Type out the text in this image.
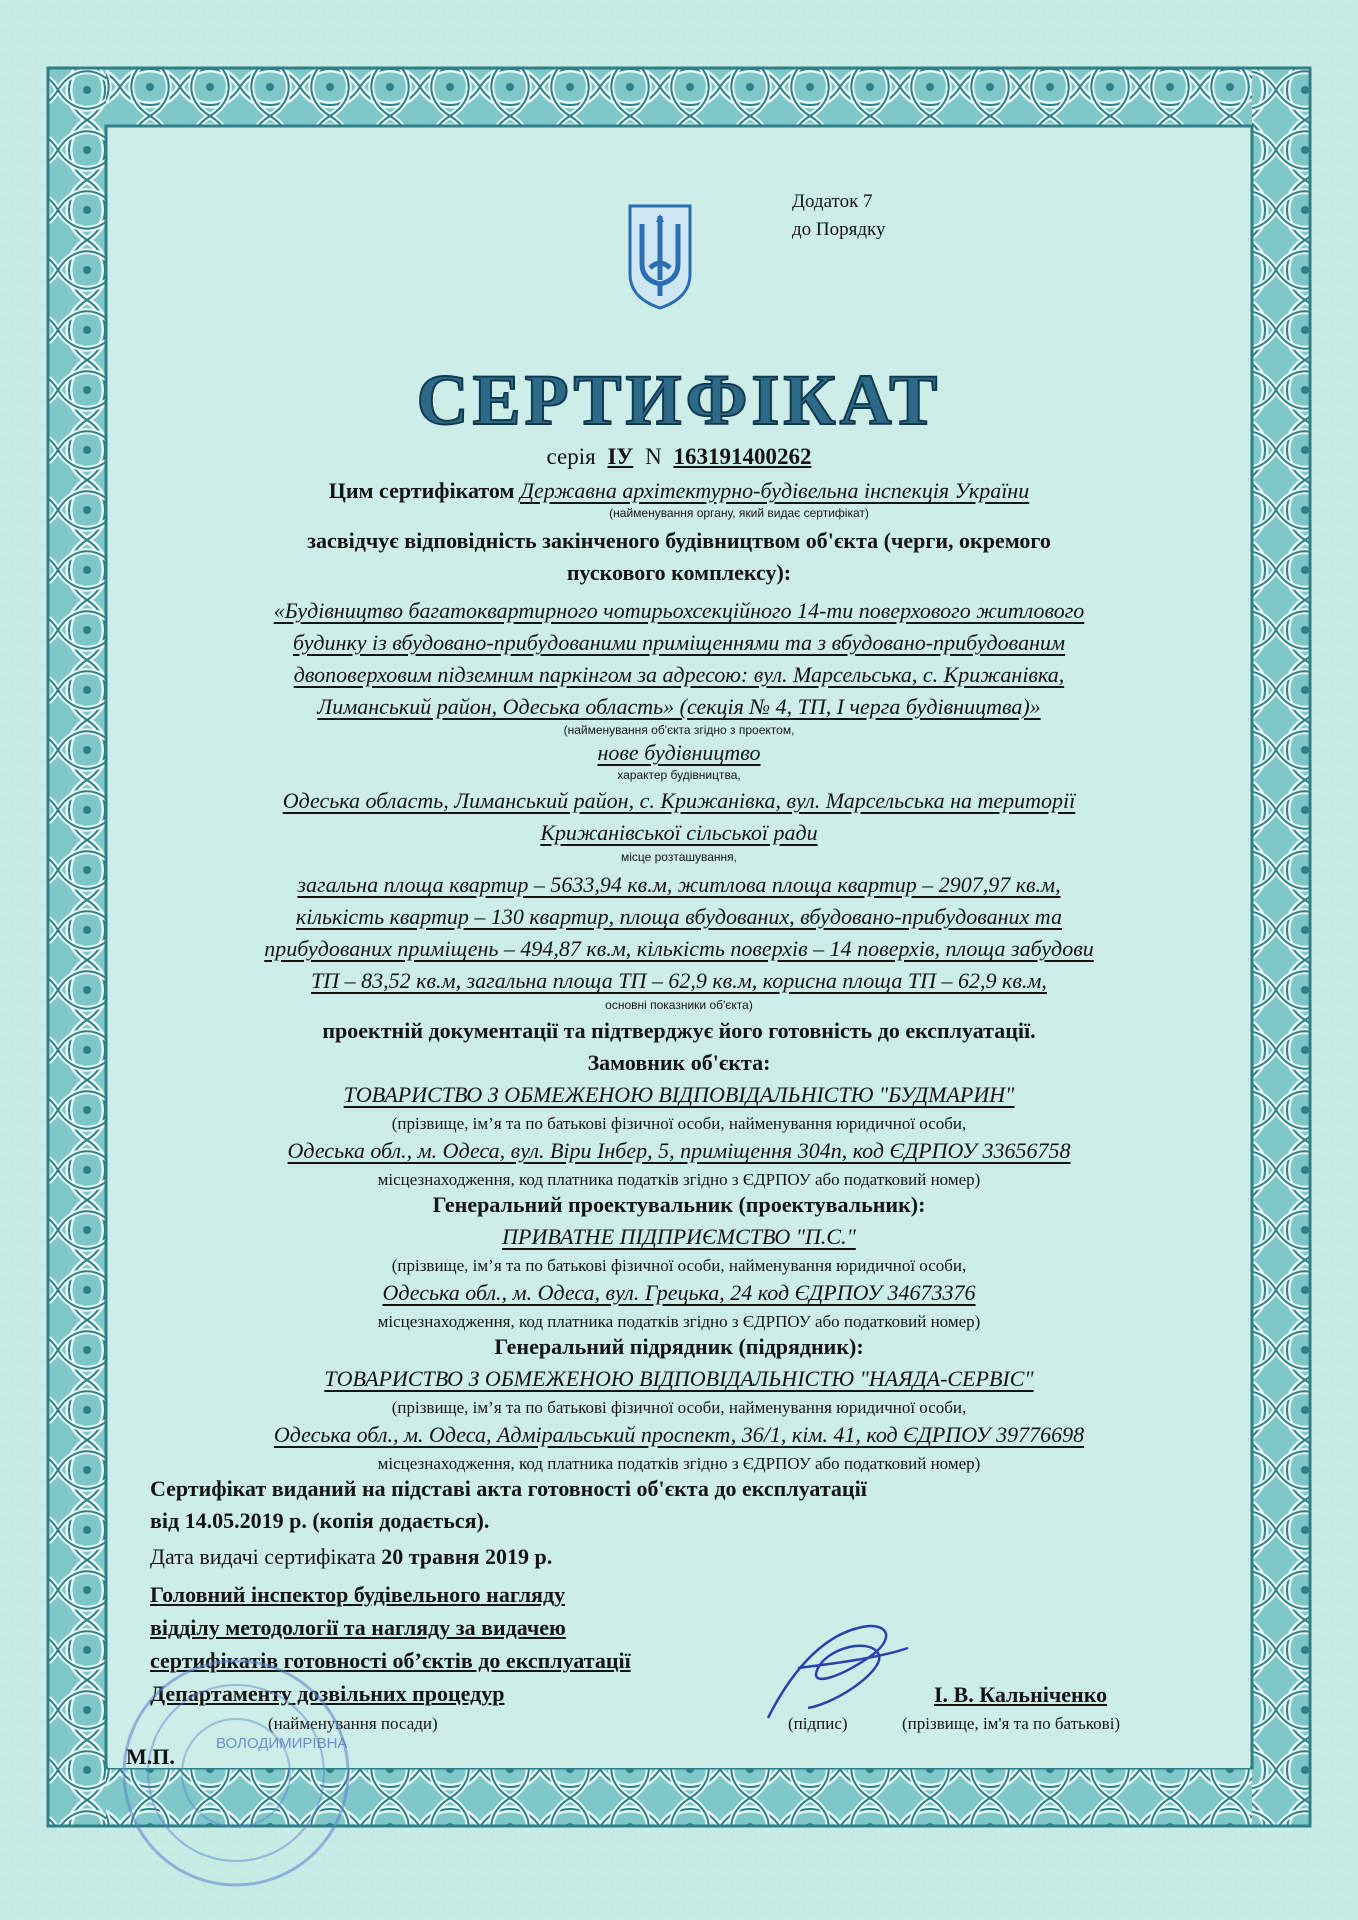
Додаток 7
до Порядку
СЕРТИФІКАТ
серія ІУ N 163191400262
Цим сертифікатом Державна архітектурно-будівельна інспекція України
(найменування органу, який видає сертифікат)
засвідчує відповідність закінченого будівництвом об'єкта (черги, окремого
пускового комплексу):
«Будівництво багатоквартирного чотирьохсекційного 14-ти поверхового житлового
будинку із вбудовано-прибудованими приміщеннями та з вбудовано-прибудованим
двоповерховим підземним паркінгом за адресою: вул. Марсельська, с. Крижанівка,
Лиманський район, Одеська область» (секція № 4, ТП, І черга будівництва)»
(найменування об'єкта згідно з проектом,
нове будівництво
характер будівництва,
Одеська область, Лиманський район, с. Крижанівка, вул. Марсельська на території
Крижанівської сільської ради
місце розташування,
загальна площа квартир – 5633,94 кв.м, житлова площа квартир – 2907,97 кв.м,
кількість квартир – 130 квартир, площа вбудованих, вбудовано-прибудованих та
прибудованих приміщень – 494,87 кв.м, кількість поверхів – 14 поверхів, площа забудови
ТП – 83,52 кв.м, загальна площа ТП – 62,9 кв.м, корисна площа ТП – 62,9 кв.м,
основні показники об'єкта)
проектній документації та підтверджує його готовність до експлуатації.
Замовник об'єкта:
ТОВАРИСТВО З ОБМЕЖЕНОЮ ВІДПОВІДАЛЬНІСТЮ "БУДМАРИН"
(прізвище, ім’я та по батькові фізичної особи, найменування юридичної особи,
Одеська обл., м. Одеса, вул. Віри Інбер, 5, приміщення 304п, код ЄДРПОУ 33656758
місцезнаходження, код платника податків згідно з ЄДРПОУ або податковий номер)
Генеральний проектувальник (проектувальник):
ПРИВАТНЕ ПІДПРИЄМСТВО "П.С."
(прізвище, ім’я та по батькові фізичної особи, найменування юридичної особи,
Одеська обл., м. Одеса, вул. Грецька, 24 код ЄДРПОУ 34673376
місцезнаходження, код платника податків згідно з ЄДРПОУ або податковий номер)
Генеральний підрядник (підрядник):
ТОВАРИСТВО З ОБМЕЖЕНОЮ ВІДПОВІДАЛЬНІСТЮ "НАЯДА-СЕРВІС"
(прізвище, ім’я та по батькові фізичної особи, найменування юридичної особи,
Одеська обл., м. Одеса, Адміральський проспект, 36/1, кім. 41, код ЄДРПОУ 39776698
місцезнаходження, код платника податків згідно з ЄДРПОУ або податковий номер)
Сертифікат виданий на підставі акта готовності об'єкта до експлуатації
від 14.05.2019 р. (копія додається).
Дата видачі сертифіката 20 травня 2019 р.
Головний інспектор будівельного нагляду
відділу методології та нагляду за видачею
сертифікатів готовності об’єктів до експлуатації
Департаменту дозвільних процедур
(найменування посади)
ВОЛОДИМИРІВНА
М.П.
(підпис)
І. В. Кальніченко
(прізвище, ім'я та по батькові)
